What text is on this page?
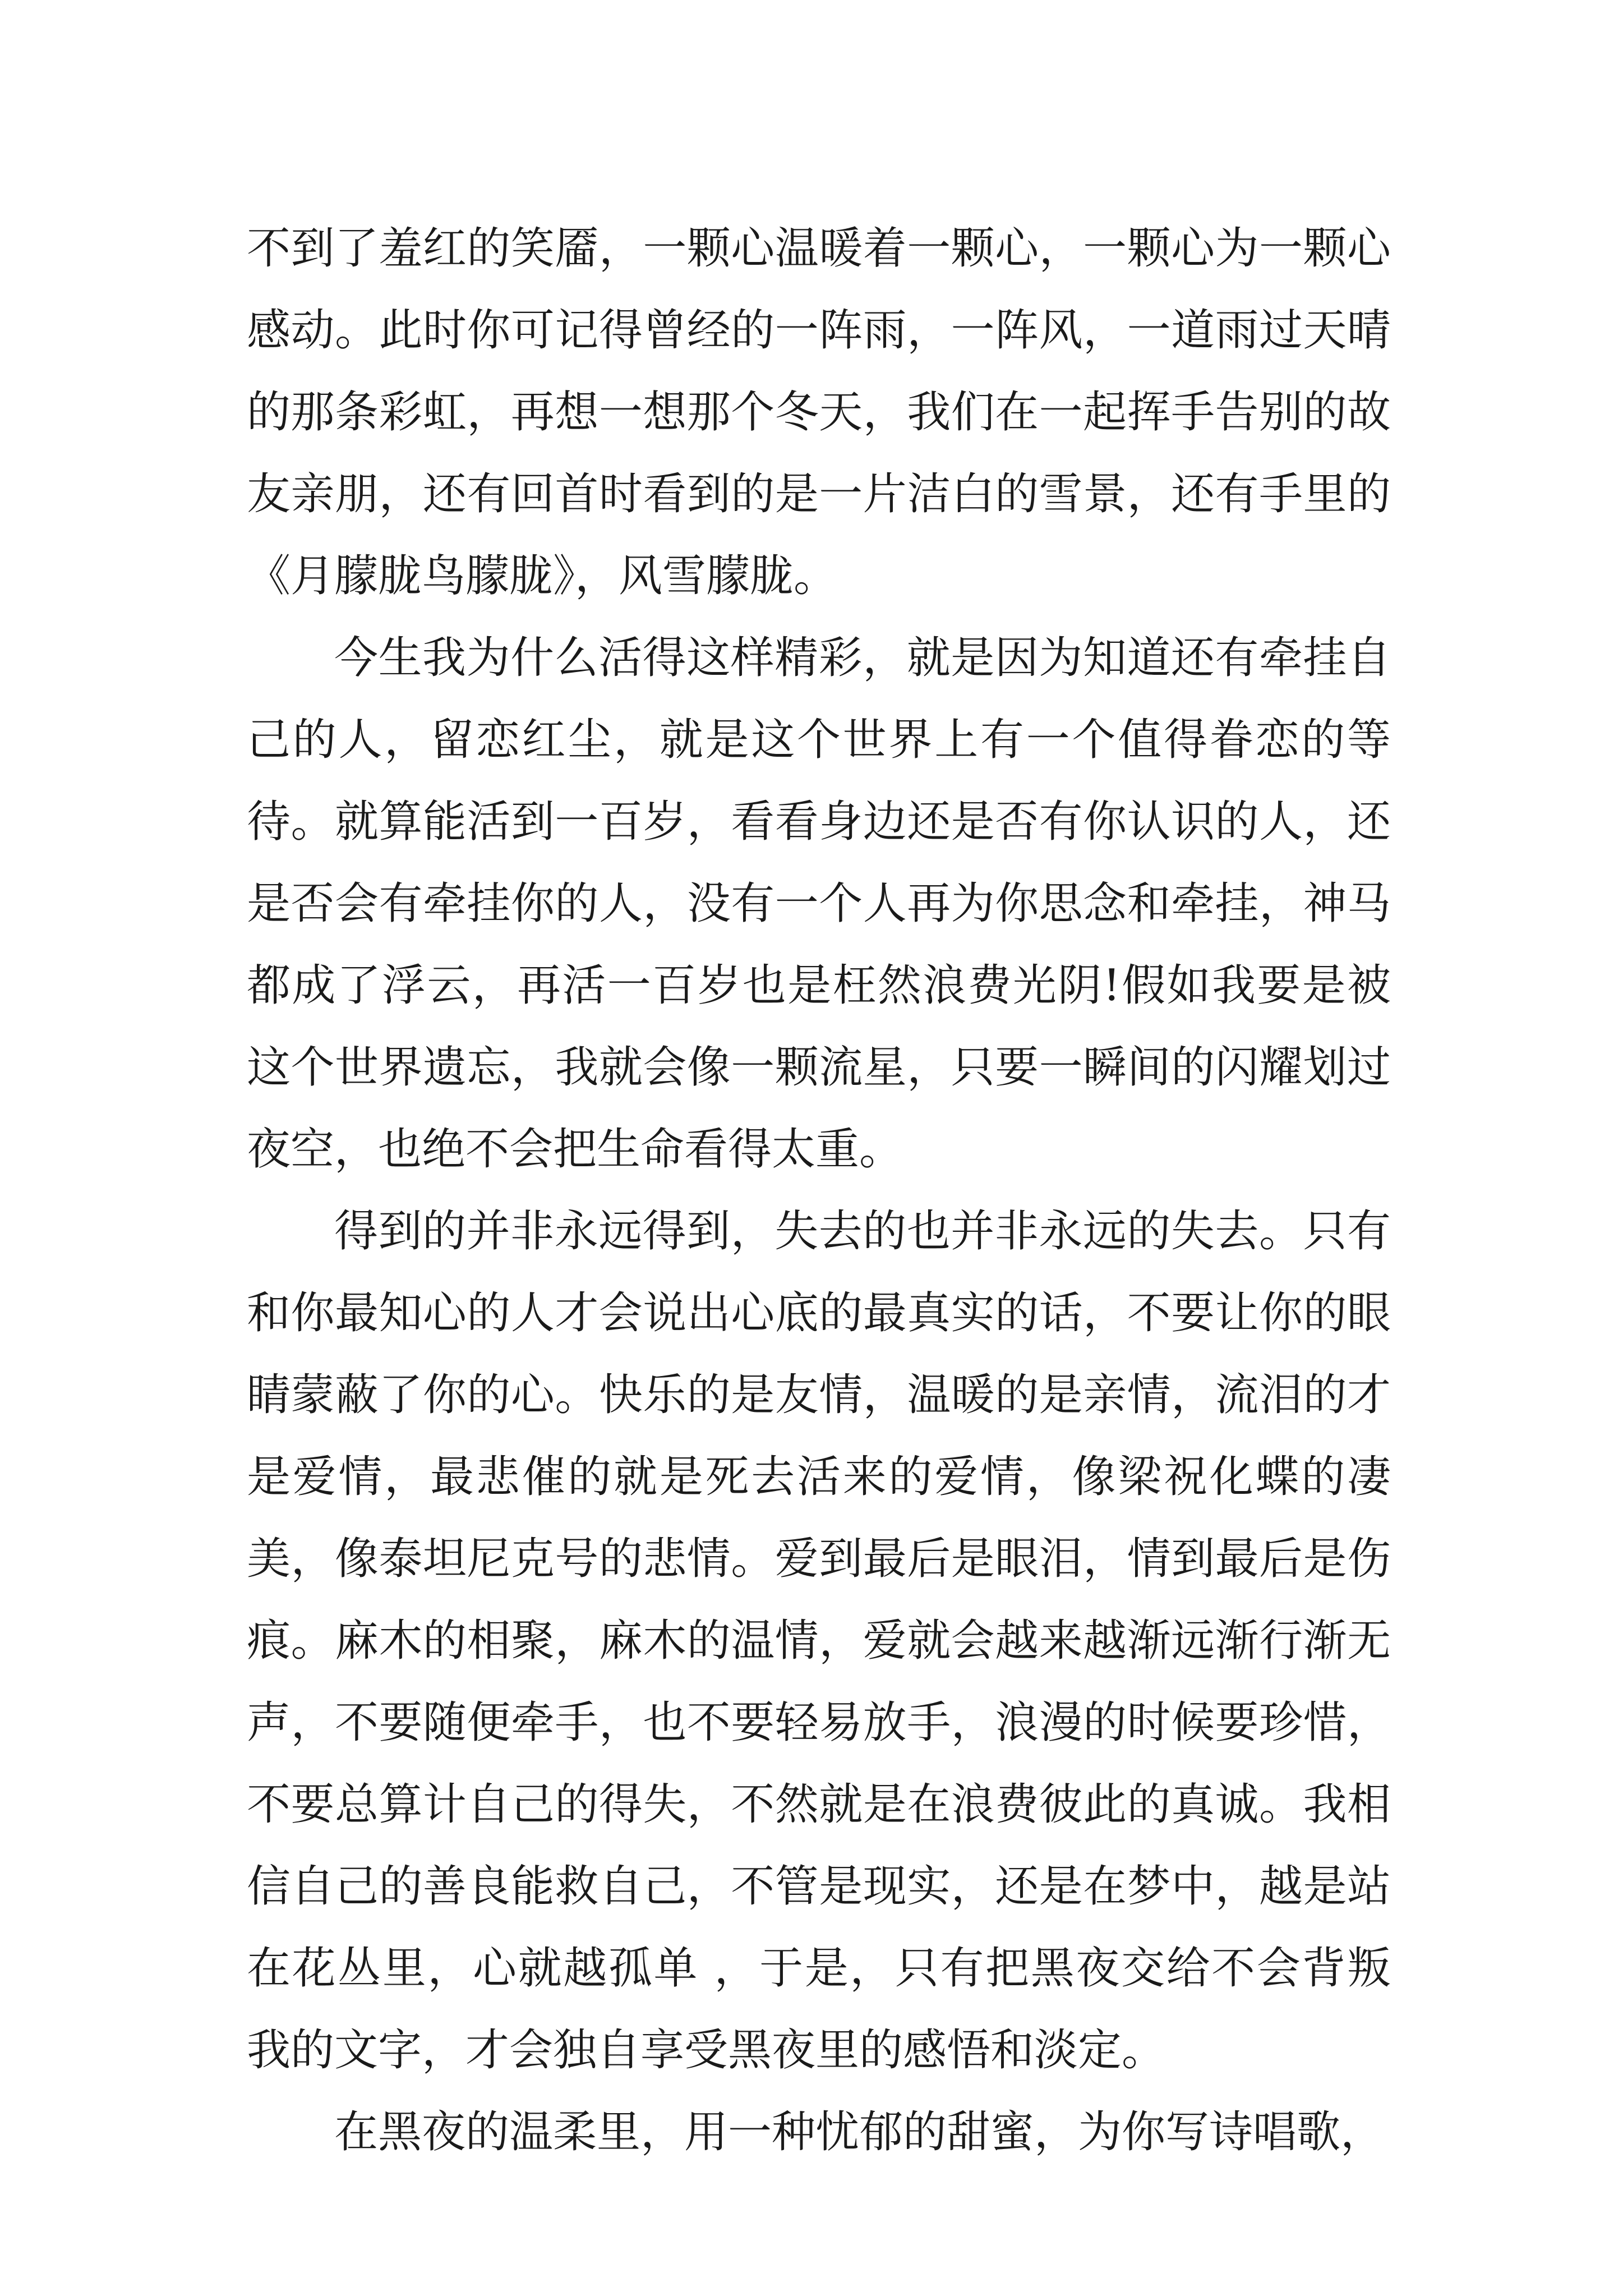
不到了羞红的笑靥，一颗心温暖着一颗心，一颗心为一颗心感动。此时你可记得曾经的一阵雨，一阵风，一道雨过天晴的那条彩虹，再想一想那个冬天，我们在一起挥手告别的故友亲朋，还有回首时看到的是一片洁白的雪景，还有手里的《月朦胧鸟朦胧》，风雪朦胧。

今生我为什么活得这样精彩，就是因为知道还有牵挂自己的人，留恋红尘，就是这个世界上有一个值得眷恋的等待。就算能活到一百岁，看看身边还是否有你认识的人，还是否会有牵挂你的人，没有一个人再为你思念和牵挂，神马都成了浮云，再活一百岁也是枉然浪费光阴!假如我要是被这个世界遗忘，我就会像一颗流星，只要一瞬间的闪耀划过夜空，也绝不会把生命看得太重。

得到的并非永远得到，失去的也并非永远的失去。只有和你最知心的人才会说出心底的最真实的话，不要让你的眼睛蒙蔽了你的心。快乐的是友情，温暖的是亲情，流泪的才是爱情，最悲催的就是死去活来的爱情，像梁祝化蝶的凄美，像泰坦尼克号的悲情。爱到最后是眼泪，情到最后是伤痕。麻木的相聚，麻木的温情，爱就会越来越渐远渐行渐无声，不要随便牵手，也不要轻易放手，浪漫的时候要珍惜，不要总算计自己的得失，不然就是在浪费彼此的真诚。我相信自己的善良能救自己，不管是现实，还是在梦中，越是站在花丛里，心就越孤单 ，于是，只有把黑夜交给不会背叛我的文字，才会独自享受黑夜里的感悟和淡定。

在黑夜的温柔里，用一种忧郁的甜蜜，为你写诗唱歌，
